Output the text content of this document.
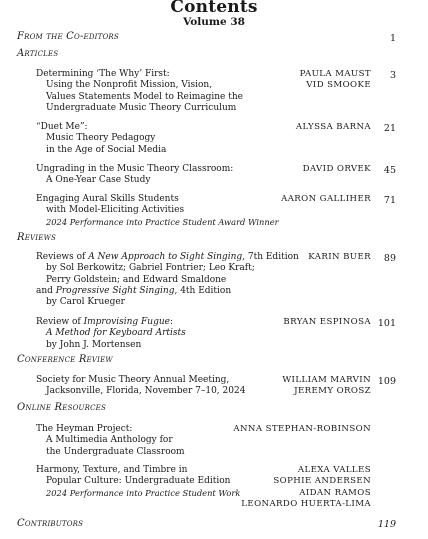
Contents
Volume 38
From the Co-editors	1
Articles
Determining ‘The Why’ First:
Using the Nonprofit Mission, Vision,
Values Statements Model to Reimagine the
Undergraduate Music Theory Curriculum
PAULA MAUST
VID SMOOKE
3
“Duet Me”:
Music Theory Pedagogy
in the Age of Social Media
ALYSSA BARNA 21
Ungrading in the Music Theory Classroom:
A One-Year Case Study
DAVID ORVEK 45
Engaging Aural Skills Students
with Model-Eliciting Activities
2024 Performance into Practice Student Award Winner
AARON GALLIHER 71
Reviews
Reviews of A New Approach to Sight Singing, 7th Edition
by Sol Berkowitz; Gabriel Fontrier; Leo Kraft;
Perry Goldstein; and Edward Smaldone
and Progressive Sight Singing, 4th Edition
by Carol Krueger
KARIN BUER 89
Review of Improvising Fugue:
A Method for Keyboard Artists
by John J. Mortensen
BRYAN ESPINOSA 101
Conference Review
Society for Music Theory Annual Meeting,
Jacksonville, Florida, November 7–10, 2024
WILLIAM MARVIN
JEREMY OROSZ
109
Online Resources
The Heyman Project:
A Multimedia Anthology for
the Undergraduate Classroom
ANNA STEPHAN-ROBINSON
Harmony, Texture, and Timbre in
Popular Culture: Undergraduate Edition
2024 Performance into Practice Student Work
ALEXA VALLES
SOPHIE ANDERSEN
AIDAN RAMOS
LEONARDO HUERTA-LIMA
Contributors	119
